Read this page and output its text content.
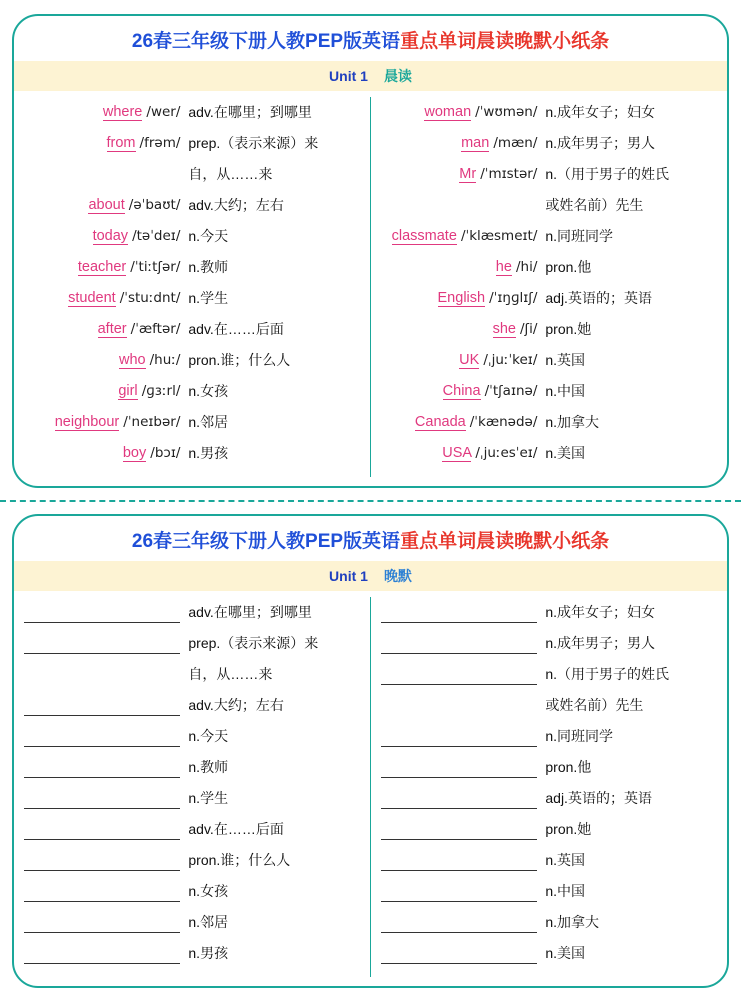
26春三年级下册人教PEP版英语重点单词晨读晚默小纸条
Unit 1 晨读
where /wer/ adv.在哪里；到哪里
from /frəm/ prep.（表示来源）来
自，从……来
about /əˈbaʊt/ adv.大约；左右
today /təˈdeɪ/ n.今天
teacher /ˈtiːtʃər/ n.教师
student /ˈstuːdnt/ n.学生
after /ˈæftər/ adv.在……后面
who /huː/ pron.谁；什么人
girl /ɡɜːrl/ n.女孩
neighbour /ˈneɪbər/ n.邻居
boy /bɔɪ/ n.男孩
woman /ˈwʊmən/ n.成年女子；妇女
man /mæn/ n.成年男子；男人
Mr /ˈmɪstər/ n.（用于男子的姓氏
或姓名前）先生
classmate /ˈklæsmeɪt/ n.同班同学
he /hi/ pron.他
English /ˈɪŋɡlɪʃ/ adj.英语的；英语
she /ʃi/ pron.她
UK /ˌjuːˈkeɪ/ n.英国
China /ˈtʃaɪnə/ n.中国
Canada /ˈkænədə/ n.加拿大
USA /ˌjuːesˈeɪ/ n.美国
26春三年级下册人教PEP版英语重点单词晨读晚默小纸条
Unit 1 晚默
adv.在哪里；到哪里
prep.（表示来源）来
自，从……来
adv.大约；左右
n.今天
n.教师
n.学生
adv.在……后面
pron.谁；什么人
n.女孩
n.邻居
n.男孩
n.成年女子；妇女
n.成年男子；男人
n.（用于男子的姓氏
或姓名前）先生
n.同班同学
pron.他
adj.英语的；英语
pron.她
n.英国
n.中国
n.加拿大
n.美国
